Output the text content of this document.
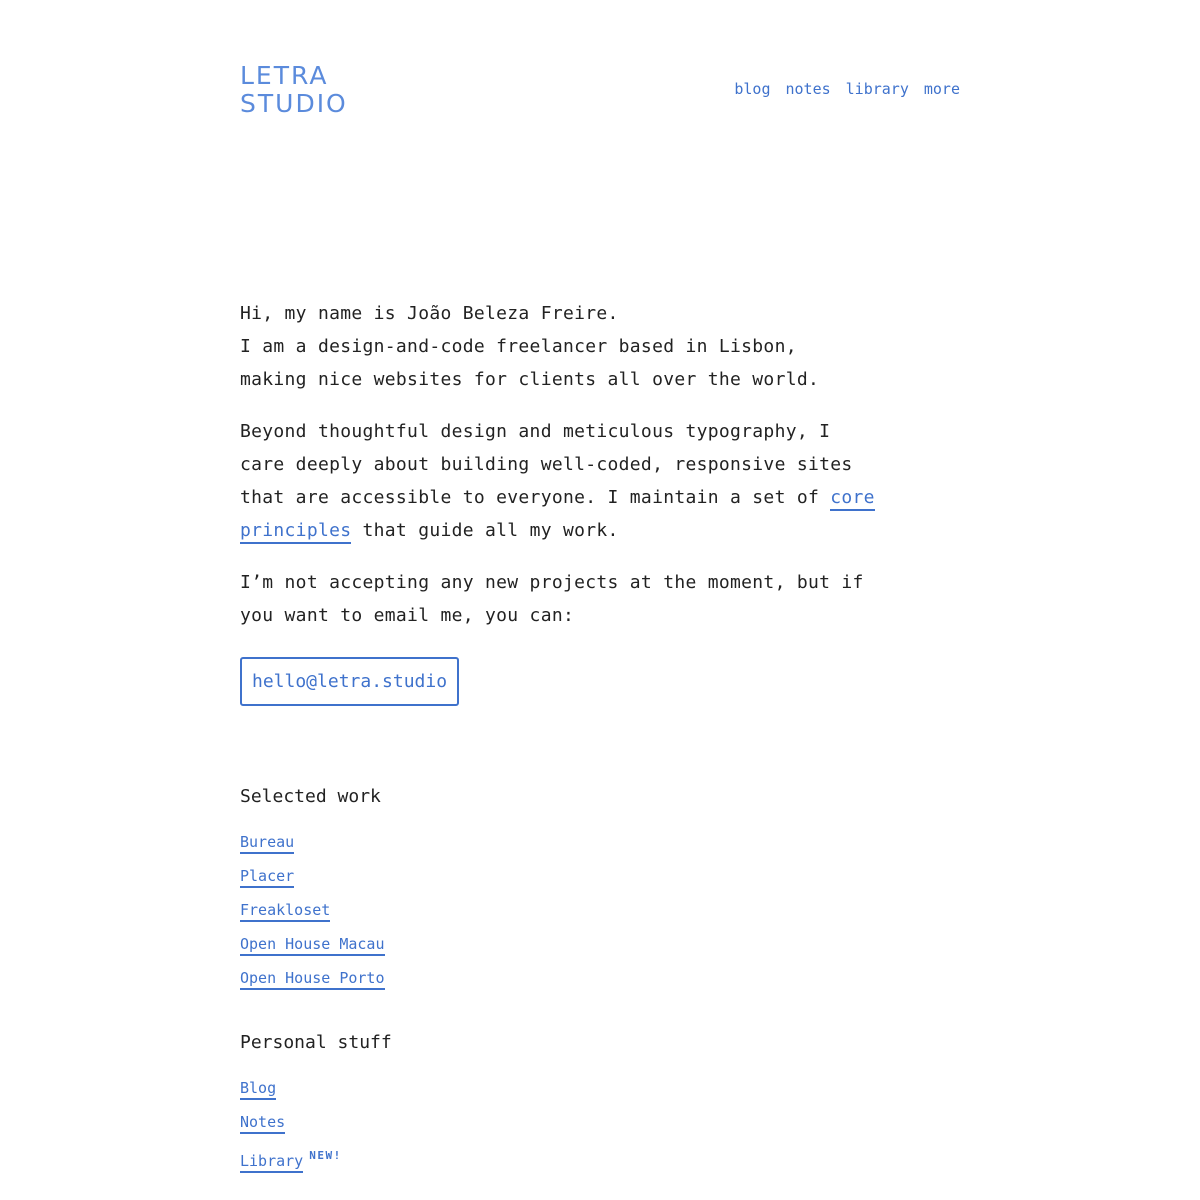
LETRA
STUDIO	blog notes library more

Hi, my name is João Beleza Freire.
I am a design-and-code freelancer based in Lisbon,
making nice websites for clients all over the world.

Beyond thoughtful design and meticulous typography, I care deeply about building well-coded, responsive sites that are accessible to everyone. I maintain a set of core principles that guide all my work.

I’m not accepting any new projects at the moment, but if you want to email me, you can:

hello@letra.studio
Selected work
Bureau
Placer
Freakloset
Open House Macau
Open House Porto
Personal stuff
Blog
Notes
Library $^{NEW!}$
